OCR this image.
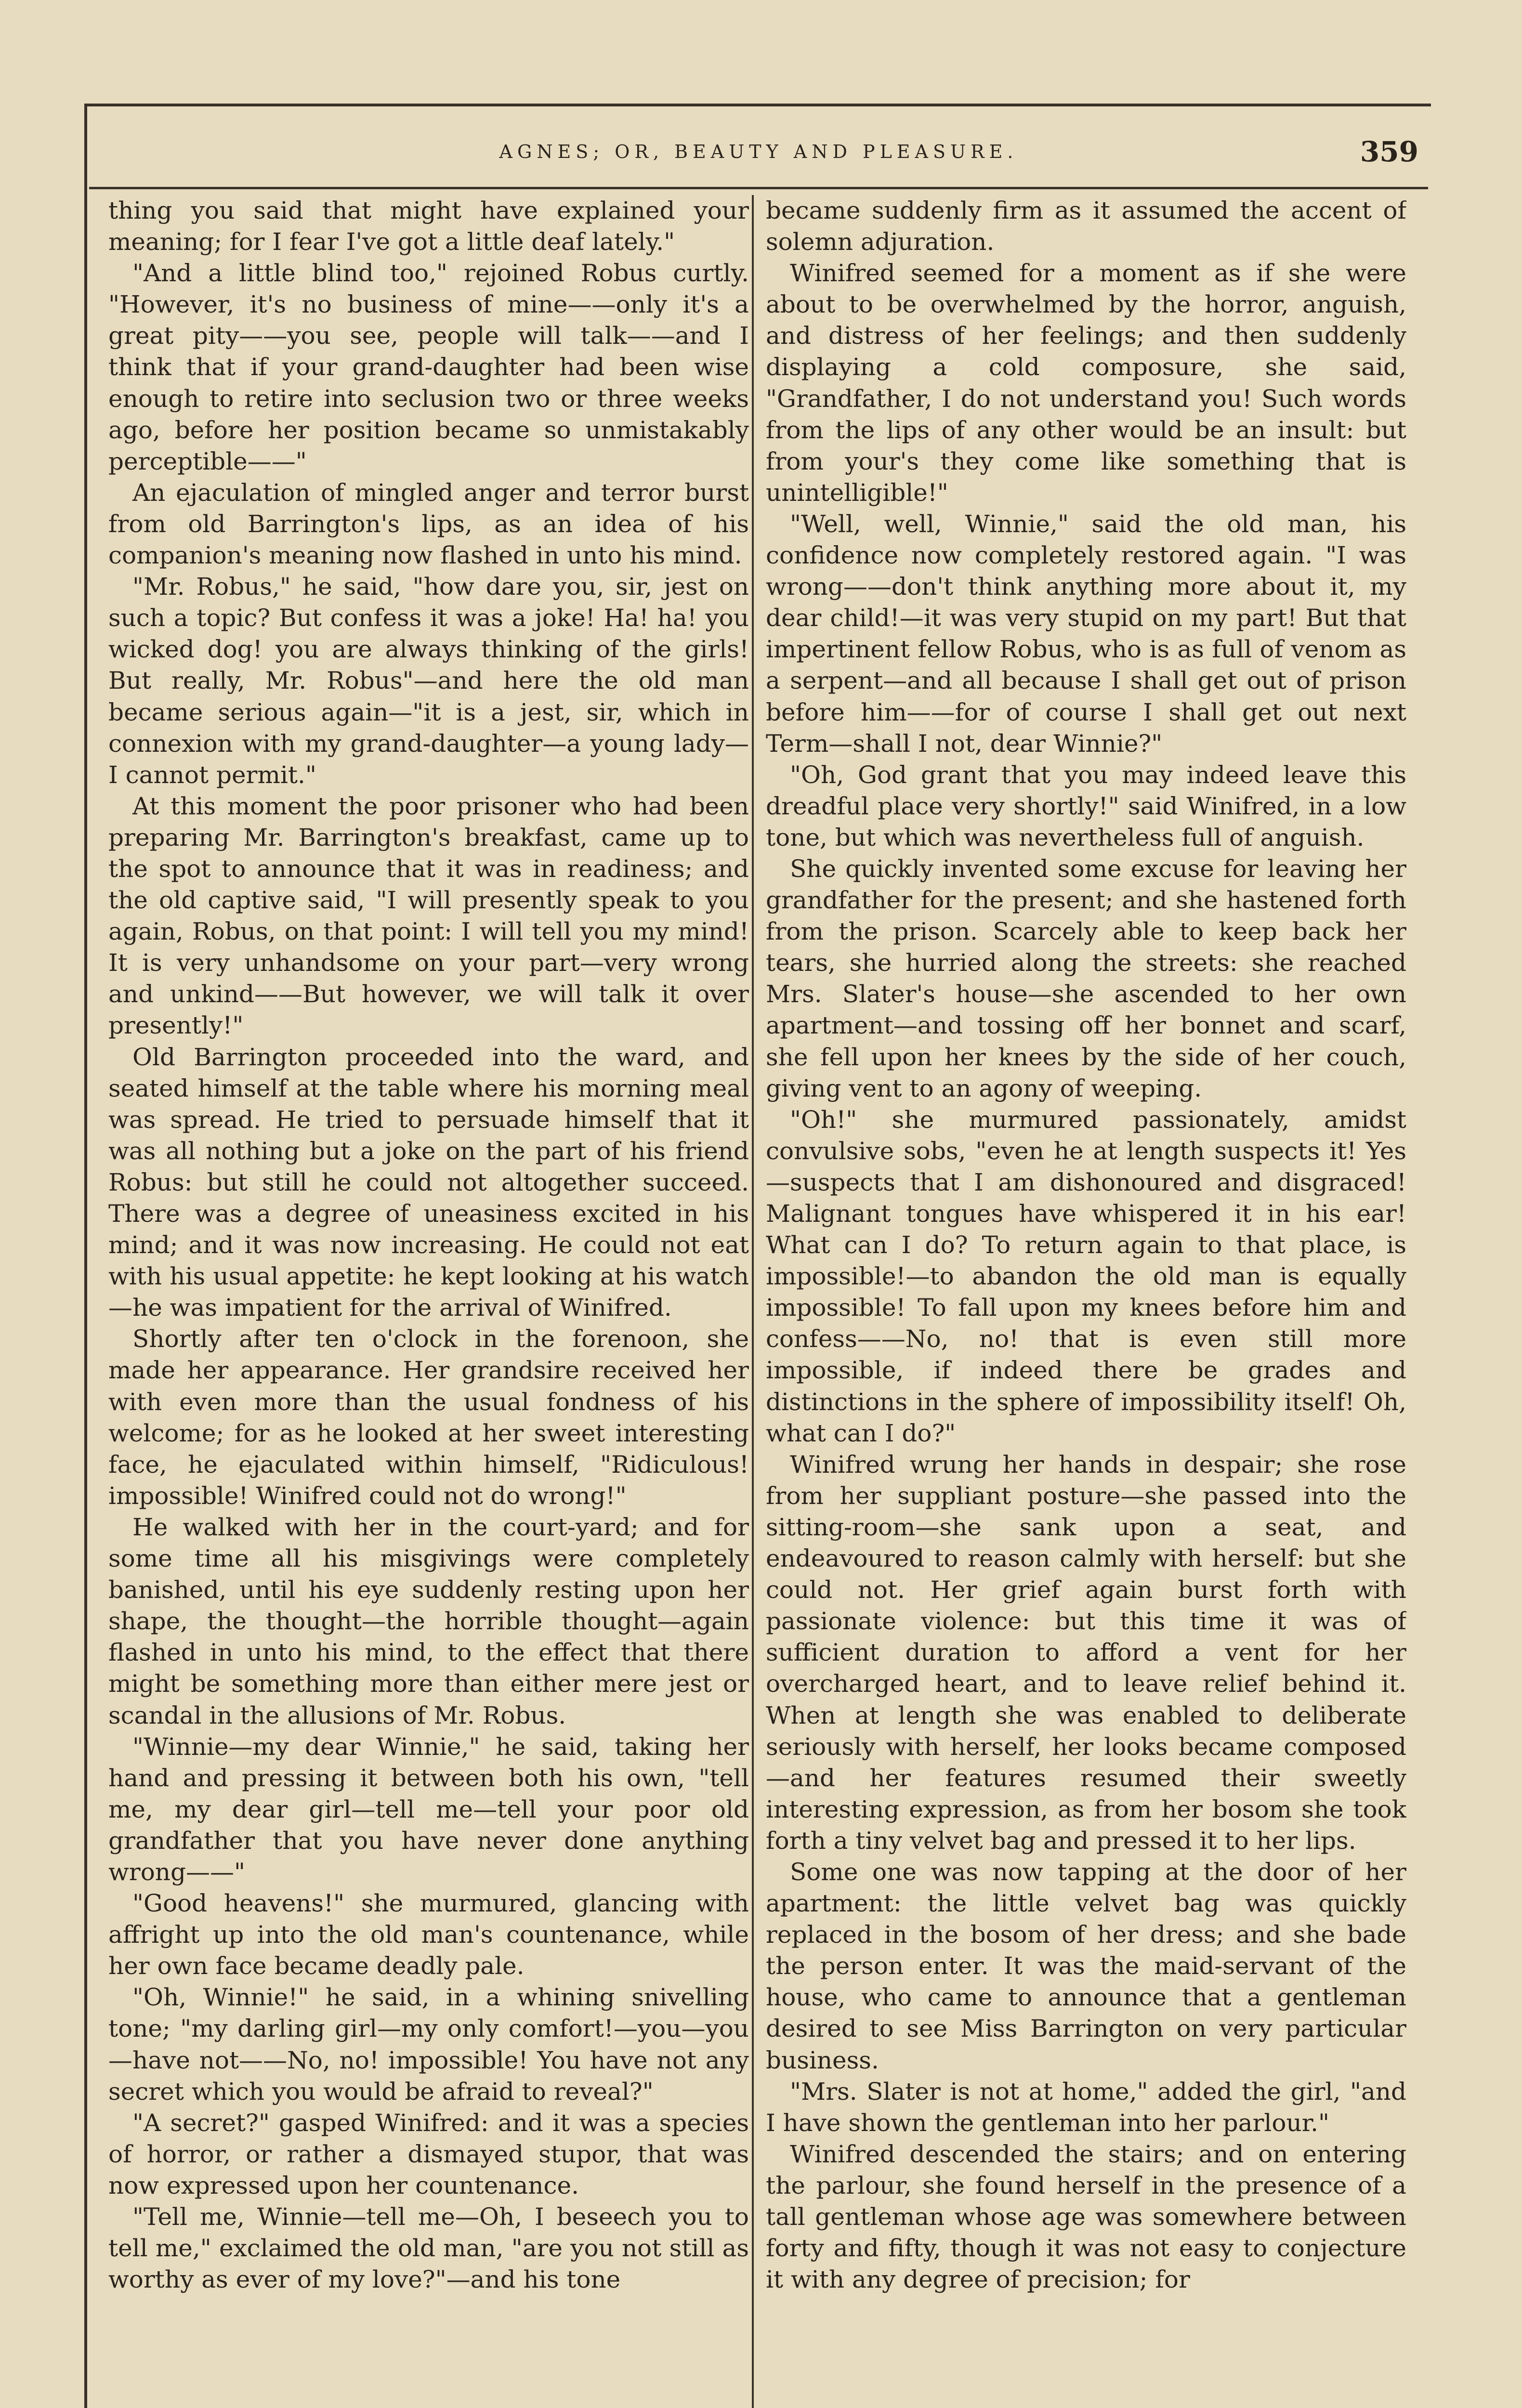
AGNES; OR, BEAUTY AND PLEASURE.	359

thing you said that might have explained your meaning; for I fear I've got a little deaf lately."

"And a little blind too," rejoined Robus curtly. "However, it's no business of mine——only it's a great pity——you see, people will talk——and I think that if your grand-daughter had been wise enough to retire into seclusion two or three weeks ago, before her position became so unmistakably perceptible——"

An ejaculation of mingled anger and terror burst from old Barrington's lips, as an idea of his companion's meaning now flashed in unto his mind.

"Mr. Robus," he said, "how dare you, sir, jest on such a topic? But confess it was a joke! Ha! ha! you wicked dog! you are always thinking of the girls! But really, Mr. Robus"—and here the old man became serious again—"it is a jest, sir, which in connexion with my grand-daughter—a young lady—I cannot permit."

At this moment the poor prisoner who had been preparing Mr. Barrington's breakfast, came up to the spot to announce that it was in readiness; and the old captive said, "I will presently speak to you again, Robus, on that point: I will tell you my mind! It is very unhandsome on your part—very wrong and unkind——But however, we will talk it over presently!"

Old Barrington proceeded into the ward, and seated himself at the table where his morning meal was spread. He tried to persuade himself that it was all nothing but a joke on the part of his friend Robus: but still he could not altogether succeed. There was a degree of uneasiness excited in his mind; and it was now increasing. He could not eat with his usual appetite: he kept looking at his watch—he was impatient for the arrival of Winifred.

Shortly after ten o'clock in the forenoon, she made her appearance. Her grandsire received her with even more than the usual fondness of his welcome; for as he looked at her sweet interesting face, he ejaculated within himself, "Ridiculous! impossible! Winifred could not do wrong!"

He walked with her in the court-yard; and for some time all his misgivings were completely banished, until his eye suddenly resting upon her shape, the thought—the horrible thought—again flashed in unto his mind, to the effect that there might be something more than either mere jest or scandal in the allusions of Mr. Robus.

"Winnie—my dear Winnie," he said, taking her hand and pressing it between both his own, "tell me, my dear girl—tell me—tell your poor old grandfather that you have never done anything wrong——"

"Good heavens!" she murmured, glancing with affright up into the old man's countenance, while her own face became deadly pale.

"Oh, Winnie!" he said, in a whining snivelling tone; "my darling girl—my only comfort!—you—you—have not——No, no! impossible! You have not any secret which you would be afraid to reveal?"

"A secret?" gasped Winifred: and it was a species of horror, or rather a dismayed stupor, that was now expressed upon her countenance.

"Tell me, Winnie—tell me—Oh, I beseech you to tell me," exclaimed the old man, "are you not still as worthy as ever of my love?"—and his tone

became suddenly firm as it assumed the accent of solemn adjuration.

Winifred seemed for a moment as if she were about to be overwhelmed by the horror, anguish, and distress of her feelings; and then suddenly displaying a cold composure, she said, "Grandfather, I do not understand you! Such words from the lips of any other would be an insult: but from your's they come like something that is unintelligible!"

"Well, well, Winnie," said the old man, his confidence now completely restored again. "I was wrong——don't think anything more about it, my dear child!—it was very stupid on my part! But that impertinent fellow Robus, who is as full of venom as a serpent—and all because I shall get out of prison before him——for of course I shall get out next Term—shall I not, dear Winnie?"

"Oh, God grant that you may indeed leave this dreadful place very shortly!" said Winifred, in a low tone, but which was nevertheless full of anguish.

She quickly invented some excuse for leaving her grandfather for the present; and she hastened forth from the prison. Scarcely able to keep back her tears, she hurried along the streets: she reached Mrs. Slater's house—she ascended to her own apartment—and tossing off her bonnet and scarf, she fell upon her knees by the side of her couch, giving vent to an agony of weeping.

"Oh!" she murmured passionately, amidst convulsive sobs, "even he at length suspects it! Yes—suspects that I am dishonoured and disgraced! Malignant tongues have whispered it in his ear! What can I do? To return again to that place, is impossible!—to abandon the old man is equally impossible! To fall upon my knees before him and confess——No, no! that is even still more impossible, if indeed there be grades and distinctions in the sphere of impossibility itself! Oh, what can I do?"

Winifred wrung her hands in despair; she rose from her suppliant posture—she passed into the sitting-room—she sank upon a seat, and endeavoured to reason calmly with herself: but she could not. Her grief again burst forth with passionate violence: but this time it was of sufficient duration to afford a vent for her overcharged heart, and to leave relief behind it. When at length she was enabled to deliberate seriously with herself, her looks became composed—and her features resumed their sweetly interesting expression, as from her bosom she took forth a tiny velvet bag and pressed it to her lips.

Some one was now tapping at the door of her apartment: the little velvet bag was quickly replaced in the bosom of her dress; and she bade the person enter. It was the maid-servant of the house, who came to announce that a gentleman desired to see Miss Barrington on very particular business.

"Mrs. Slater is not at home," added the girl, "and I have shown the gentleman into her parlour."

Winifred descended the stairs; and on entering the parlour, she found herself in the presence of a tall gentleman whose age was somewhere between forty and fifty, though it was not easy to conjecture it with any degree of precision; for
